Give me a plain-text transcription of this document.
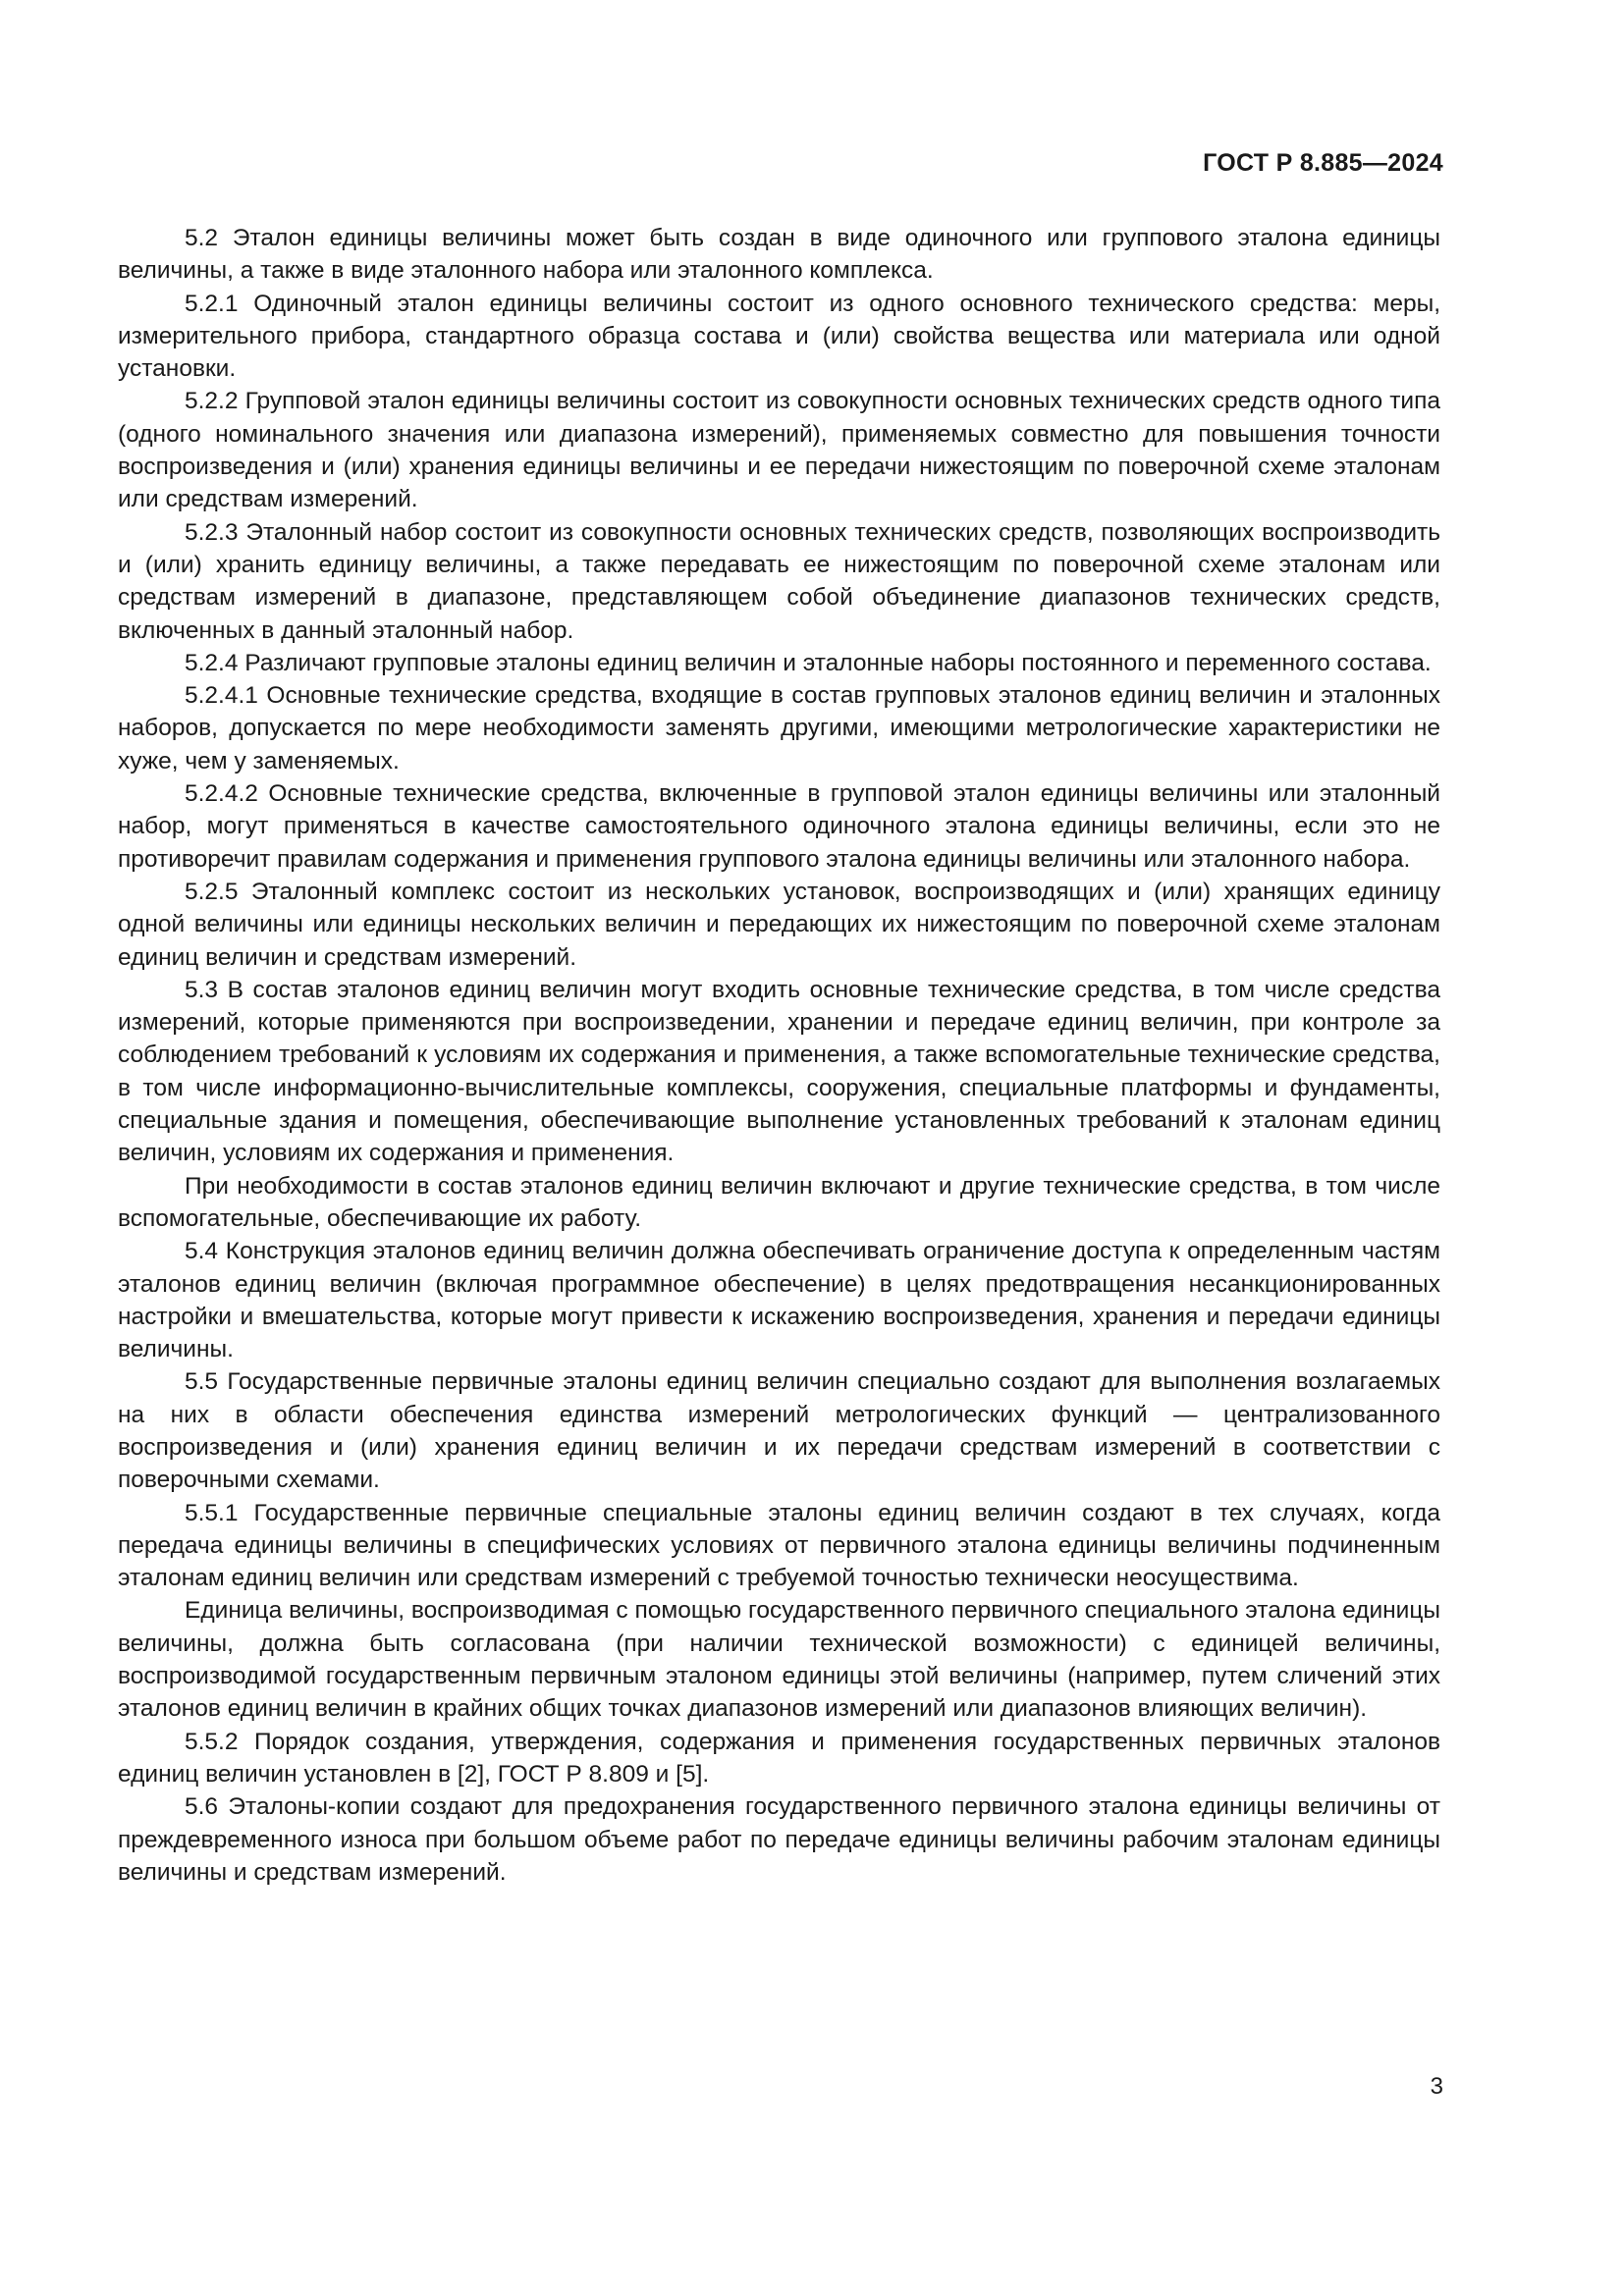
ГОСТ Р 8.885—2024

5.2 Эталон единицы величины может быть создан в виде одиночного или группового эталона единицы величины, а также в виде эталонного набора или эталонного комплекса.

5.2.1 Одиночный эталон единицы величины состоит из одного основного технического средства: меры, измерительного прибора, стандартного образца состава и (или) свойства вещества или материала или одной установки.

5.2.2 Групповой эталон единицы величины состоит из совокупности основных технических средств одного типа (одного номинального значения или диапазона измерений), применяемых совместно для повышения точности воспроизведения и (или) хранения единицы величины и ее передачи нижестоящим по поверочной схеме эталонам или средствам измерений.

5.2.3 Эталонный набор состоит из совокупности основных технических средств, позволяющих воспроизводить и (или) хранить единицу величины, а также передавать ее нижестоящим по поверочной схеме эталонам или средствам измерений в диапазоне, представляющем собой объединение диапазонов технических средств, включенных в данный эталонный набор.

5.2.4 Различают групповые эталоны единиц величин и эталонные наборы постоянного и переменного состава.

5.2.4.1 Основные технические средства, входящие в состав групповых эталонов единиц величин и эталонных наборов, допускается по мере необходимости заменять другими, имеющими метрологические характеристики не хуже, чем у заменяемых.

5.2.4.2 Основные технические средства, включенные в групповой эталон единицы величины или эталонный набор, могут применяться в качестве самостоятельного одиночного эталона единицы величины, если это не противоречит правилам содержания и применения группового эталона единицы величины или эталонного набора.

5.2.5 Эталонный комплекс состоит из нескольких установок, воспроизводящих и (или) хранящих единицу одной величины или единицы нескольких величин и передающих их нижестоящим по поверочной схеме эталонам единиц величин и средствам измерений.

5.3 В состав эталонов единиц величин могут входить основные технические средства, в том числе средства измерений, которые применяются при воспроизведении, хранении и передаче единиц величин, при контроле за соблюдением требований к условиям их содержания и применения, а также вспомогательные технические средства, в том числе информационно-вычислительные комплексы, сооружения, специальные платформы и фундаменты, специальные здания и помещения, обеспечивающие выполнение установленных требований к эталонам единиц величин, условиям их содержания и применения.

При необходимости в состав эталонов единиц величин включают и другие технические средства, в том числе вспомогательные, обеспечивающие их работу.

5.4 Конструкция эталонов единиц величин должна обеспечивать ограничение доступа к определенным частям эталонов единиц величин (включая программное обеспечение) в целях предотвращения несанкционированных настройки и вмешательства, которые могут привести к искажению воспроизведения, хранения и передачи единицы величины.

5.5 Государственные первичные эталоны единиц величин специально создают для выполнения возлагаемых на них в области обеспечения единства измерений метрологических функций — централизованного воспроизведения и (или) хранения единиц величин и их передачи средствам измерений в соответствии с поверочными схемами.

5.5.1 Государственные первичные специальные эталоны единиц величин создают в тех случаях, когда передача единицы величины в специфических условиях от первичного эталона единицы величины подчиненным эталонам единиц величин или средствам измерений с требуемой точностью технически неосуществима.

Единица величины, воспроизводимая с помощью государственного первичного специального эталона единицы величины, должна быть согласована (при наличии технической возможности) с единицей величины, воспроизводимой государственным первичным эталоном единицы этой величины (например, путем сличений этих эталонов единиц величин в крайних общих точках диапазонов измерений или диапазонов влияющих величин).

5.5.2 Порядок создания, утверждения, содержания и применения государственных первичных эталонов единиц величин установлен в [2], ГОСТ Р 8.809 и [5].

5.6 Эталоны-копии создают для предохранения государственного первичного эталона единицы величины от преждевременного износа при большом объеме работ по передаче единицы величины рабочим эталонам единицы величины и средствам измерений.

3
